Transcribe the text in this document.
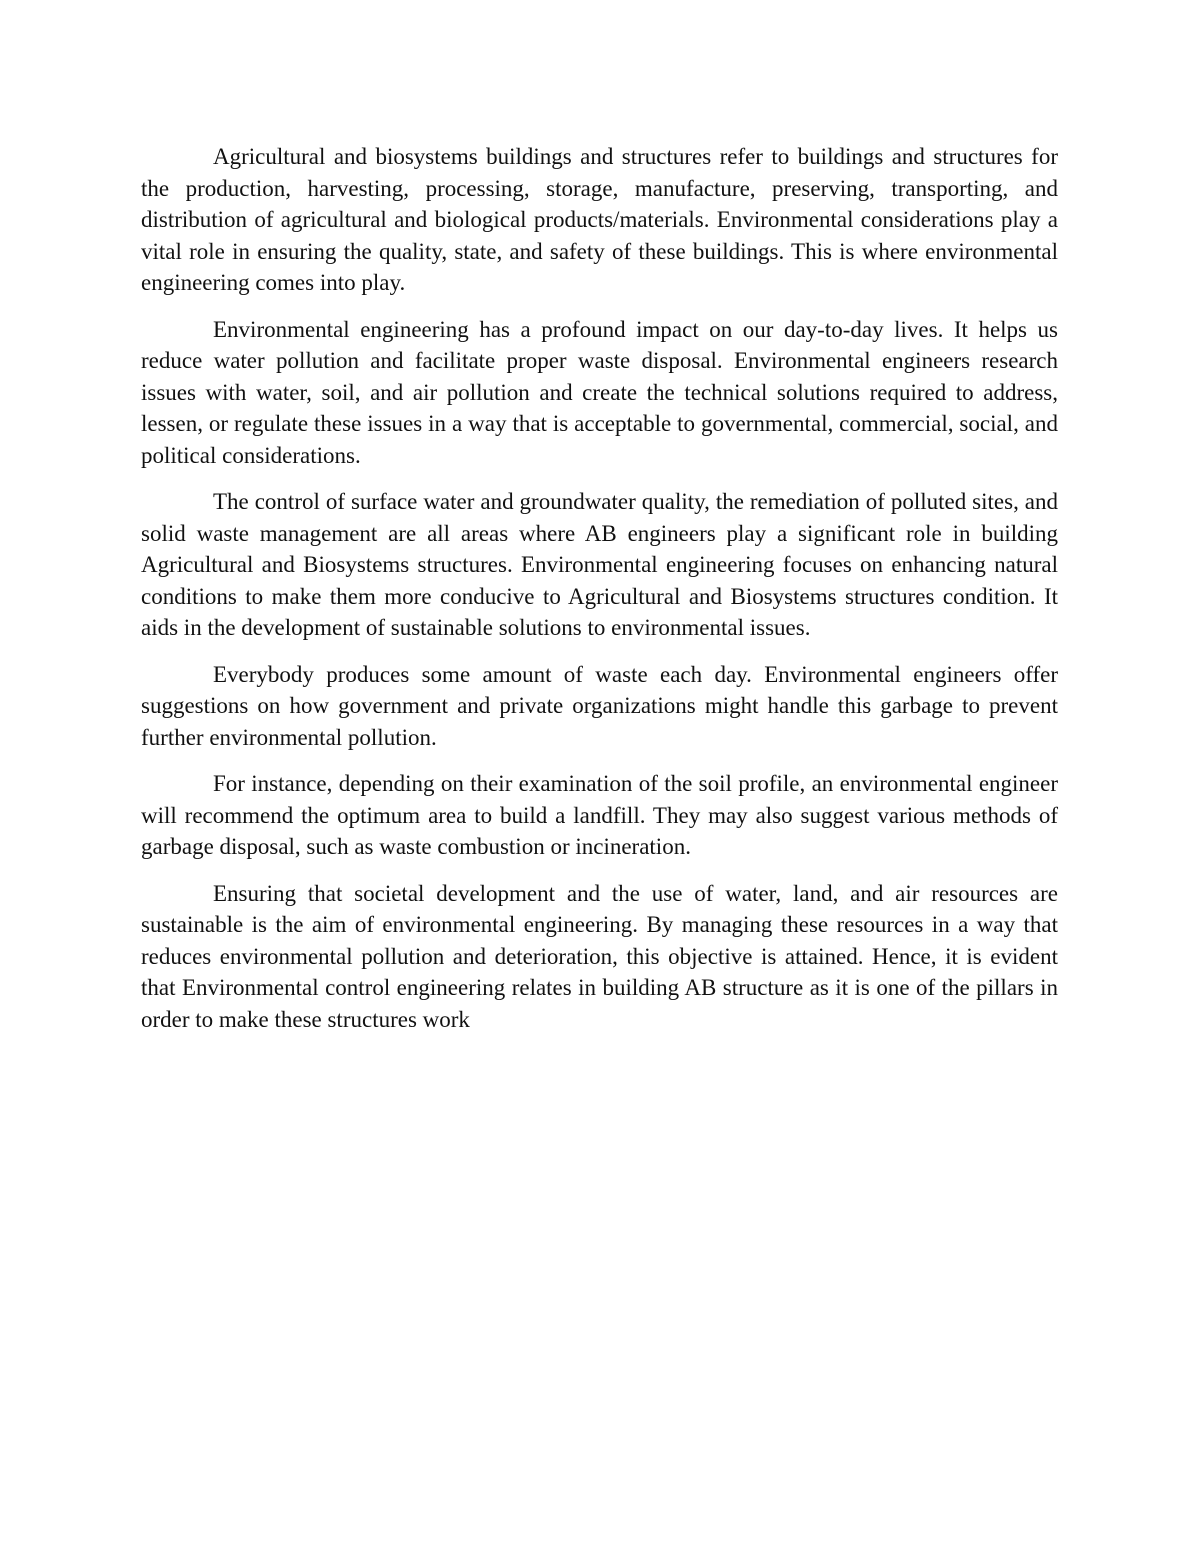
Agricultural and biosystems buildings and structures refer to buildings and structures for the production, harvesting, processing, storage, manufacture, preserving, transporting, and distribution of agricultural and biological products/materials. Environmental considerations play a vital role in ensuring the quality, state, and safety of these buildings. This is where environmental engineering comes into play.

Environmental engineering has a profound impact on our day-to-day lives. It helps us reduce water pollution and facilitate proper waste disposal. Environmental engineers research issues with water, soil, and air pollution and create the technical solutions required to address, lessen, or regulate these issues in a way that is acceptable to governmental, commercial, social, and political considerations.

The control of surface water and groundwater quality, the remediation of polluted sites, and solid waste management are all areas where AB engineers play a significant role in building Agricultural and Biosystems structures. Environmental engineering focuses on enhancing natural conditions to make them more conducive to Agricultural and Biosystems structures condition. It aids in the development of sustainable solutions to environmental issues.

Everybody produces some amount of waste each day. Environmental engineers offer suggestions on how government and private organizations might handle this garbage to prevent further environmental pollution.

For instance, depending on their examination of the soil profile, an environmental engineer will recommend the optimum area to build a landfill. They may also suggest various methods of garbage disposal, such as waste combustion or incineration.

Ensuring that societal development and the use of water, land, and air resources are sustainable is the aim of environmental engineering. By managing these resources in a way that reduces environmental pollution and deterioration, this objective is attained. Hence, it is evident that Environmental control engineering relates in building AB structure as it is one of the pillars in order to make these structures work
